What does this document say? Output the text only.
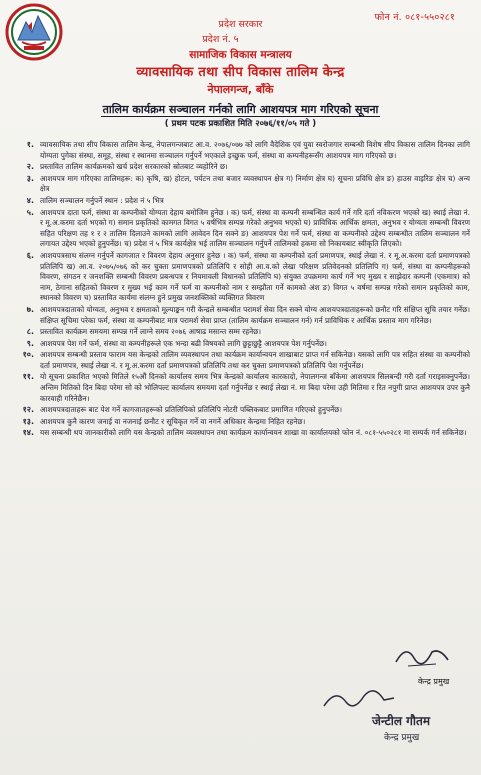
फोन नं. ०८१-५५०२८१
प्रदेश सरकार
प्रदेश नं. ५
सामाजिक विकास मन्त्रालय
व्यावसायिक तथा सीप विकास तालिम केन्द्र
नेपालगन्ज, बाँके
तालिम कार्यक्रम सञ्चालन गर्नको लागि आशयपत्र माग गरिएको सूचना
( प्रथम पटक प्रकाशित मिति २०७६/११/०५ गते )
१. व्यावसायिक तथा सीप विकास तालिम केन्द्र, नेपालगन्जबाट आ.व. २०७६/०७७ को लागि वैदेशिक एवं युवा स्वरोजगार सम्बन्धी विशेष सीप विकास तालिम दिनका लागि योग्यता पुगेका संस्था, समूह, संस्था र स्थानमा सञ्चालन गर्नुपर्ने भएकाले इच्छुक फर्म, संस्था वा कम्पनीहरूसँग आशयपत्र माग गरिएको छ।
२. प्रस्तावित तालिम कार्यक्रमको खर्च प्रदेश सरकारको स्रोतबाट व्यहोरिने छ।
३. आशयपत्र माग गरिएका तालिमहरू: क) कृषि, ख) होटल, पर्यटन तथा बजार व्यवस्थापन क्षेत्र ग) निर्माण क्षेत्र घ) सूचना प्रविधि क्षेत्र ङ) हाउस वाइरिङ क्षेत्र च) अन्य क्षेत्र
४. तालिम सञ्चालन गर्नुपर्ने स्थान : प्रदेश नं ५ भित्र
५. आशयपत्र दाता फर्म, संस्था वा कम्पनीको योग्यता देहाय बमोजिम हुनेछ । क) फर्म, संस्था वा कम्पनी सम्बन्धित कार्य गर्ने गरि दर्ता नविकरण भएको ख) स्थाई लेखा नं. र मू.अ.करमा दर्ता भएको ग) समान प्रकृतिको कामगत विगत ५ वर्षभित्र सम्पन्न गरेको अनुभव भएको घ) प्राविधिक आर्थिक क्षमता, अनुभव र योग्यता सम्बन्धी विवरण सहित परिक्षण तह १ र २ तालिम दिलाउने कामको लागि आवेदन दिन सक्ने ङ) आशयपत्र पेश गर्ने फर्म, संस्था वा कम्पनीको उद्देश्य सम्बन्धीत तालिम सञ्चालन गर्ने लगायत उद्देश्य भएको हुनुपर्नेछ। च) प्रदेश नं ५ भित्र कार्यक्षेत्र भई तालिम सञ्चालन गर्नुपर्ने तालिमको हकमा सो निकायबाट स्वीकृति लिएको।
६. आशयपत्रसाथ संलग्न गर्नुपर्ने कागजात र विवरण देहाय अनुसार हुनेछ । क) फर्म, संस्था वा कम्पनीको दर्ता प्रमाणपत्र, स्थाई लेखा नं. र मू.अ.करमा दर्ता प्रमाणपत्रको प्रतिलिपि ख) आ.व. २०७५/०७६ को कर चुक्ता प्रमाणपत्रको प्रतिलिपि र सोही आ.व.को लेखा परिक्षण प्रतिवेदनको प्रतिलिपि ग) फर्म, संस्था वा कम्पनीहरूको विवरण, संगठन र जनशक्ति सम्बन्धी विवरण प्रबन्धपत्र र नियमावली विधानको प्रतिलिपि घ) संयुक्त उपक्रममा कार्य गर्ने भए मुख्य र साझेदार कम्पनी (एकमात्र) को नाम, ठेगाना सहितको विवरण र मुख्य भई काम गर्ने फर्म वा कम्पनीको नाम र सम्झौता गर्ने कामको अंश ङ) विगत ५ वर्षमा सम्पन्न गरेको समान प्रकृतिको काम, स्थानको विवरण च) प्रस्तावित कार्यमा संलग्न हुने प्रमुख जनशक्तिको व्यक्तिगत विवरण
७. आशयपत्रदाताको योग्यता, अनुभव र क्षमताको मूल्याङ्कन गरी केन्द्रले सम्बन्धीत परामर्श सेवा दिन सक्ने योग्य आशयपत्रदाताहरूको छनौट गरि संक्षिप्त सूचि तयार गर्नेछ। संक्षिप्त सूचिमा परेका फर्म, संस्था वा कम्पनीबाट मात्र परामर्श सेवा प्राप्त (तालिम कार्यक्रम सञ्चालन गर्न) गर्न प्राविधिक र आर्थिक प्रस्ताव माग गरिनेछ।
८. प्रस्तावित कार्यक्रम समयमा सम्पन्न गर्ने लाग्ने समय २०७६ आषाढ मसान्त सम्म रहनेछ।
९. आशयपत्र पेश गर्ने फर्म, संस्था वा कम्पनीहरूले एक भन्दा बढी विषयको लागि छुट्टाछुट्टै आशयपत्र पेश गर्नुपर्नेछ।
१०. आशयपत्र सम्बन्धी प्रस्ताव फाराम यस केन्द्रको तालिम व्यवस्थापन तथा कार्यक्रम कार्यान्वयन शाखाबाट प्राप्त गर्न सकिनेछ। यसको लागि पत्र सहित संस्था वा कम्पनीको दर्ता प्रमाणपत्र, स्थाई लेखा नं. र मू.अ.करमा दर्ता प्रमाणपत्रको प्रतिलिपि तथा कर चुक्ता प्रमाणपत्रको प्रतिलिपि पेश गर्नुपर्नेछ।
११. यो सूचना प्रकाशित भएको मितिले १५औं दिनको कार्यालय समय भित्र केन्द्रको कार्यालय कारकादो, नेपालगन्ज बाँकेमा आशयपत्र सिलबन्दी गरी दर्ता गराइसक्नुपर्नेछ। अन्तिम मितिको दिन बिदा परेमा सो को भोलिपल्ट कार्यालय समयमा दर्ता गर्नुपर्नेछ र स्थाई लेखा नं. मा बिदा परेमा उही मितिमा र रित नपुगी प्राप्त आशयपत्र उपर कुनै कारवाही गरिनेछैन।
१२. आशयपत्रदाताहरू बाट पेश गर्ने कागजातहरूको प्रतिलिपिको प्रतिलिपि नोटरी पब्लिकबाट प्रमाणित गरिएको हुनुपर्नेछ।
१३. आशयपत्र कुनै कारण जनाई वा नजनाई छनौट र सूचिकृत गर्ने वा नगर्ने अधिकार केन्द्रमा निहित रहनेछ।
१४. यस सम्बन्धी थप जानकारीको लागि यस केन्द्रको तालिम व्यवस्थापन तथा कार्यक्रम कार्यान्वयन शाखा वा कार्यालयको फोन नं. ०८१-५५०२८१ मा सम्पर्क गर्न सकिनेछ।
केन्द्र प्रमुख
जेन्टील गौतम
केन्द्र प्रमुख
